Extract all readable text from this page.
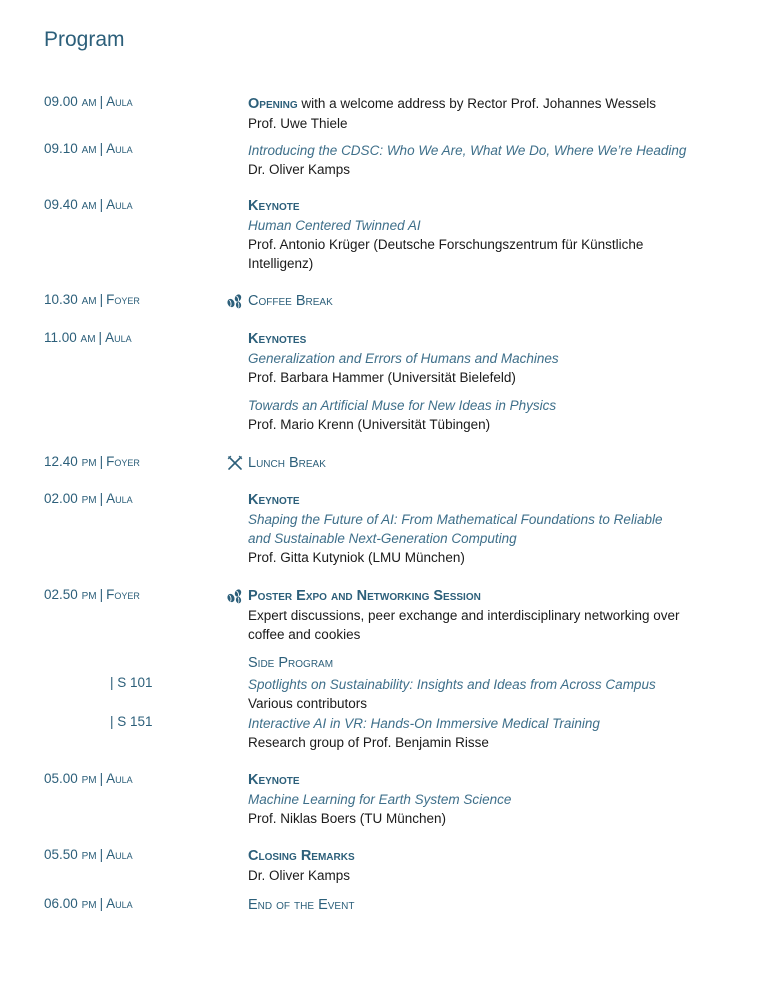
Program
09.00 AM | Aula	Opening with a welcome address by Rector Prof. Johannes Wessels

Prof. Uwe Thiele

09.10 AM | Aula	Introducing the CDSC: Who We Are, What We Do, Where We’re Heading

Dr. Oliver Kamps

09.40 AM | Aula	Keynote

Human Centered Twinned AI

Prof. Antonio Krüger (Deutsche Forschungszentrum für Künstliche

Intelligenz)

10.30 AM | Foyer	Coffee Break

11.00 AM | Aula	Keynotes

Generalization and Errors of Humans and Machines

Prof. Barbara Hammer (Universität Bielefeld)

Towards an Artificial Muse for New Ideas in Physics

Prof. Mario Krenn (Universität Tübingen)

12.40 PM | Foyer	Lunch Break

02.00 PM | Aula	Keynote

Shaping the Future of AI: From Mathematical Foundations to Reliable

and Sustainable Next-Generation Computing

Prof. Gitta Kutyniok (LMU München)

02.50 PM | Foyer	Poster Expo and Networking Session

Expert discussions, peer exchange and interdisciplinary networking over

coffee and cookies

Side Program

| S 101	Spotlights on Sustainability: Insights and Ideas from Across Campus

Various contributors

| S 151	Interactive AI in VR: Hands-On Immersive Medical Training

Research group of Prof. Benjamin Risse

05.00 PM | Aula	Keynote

Machine Learning for Earth System Science

Prof. Niklas Boers (TU München)

05.50 PM | Aula	Closing Remarks

Dr. Oliver Kamps

06.00 PM | Aula	End of the Event
